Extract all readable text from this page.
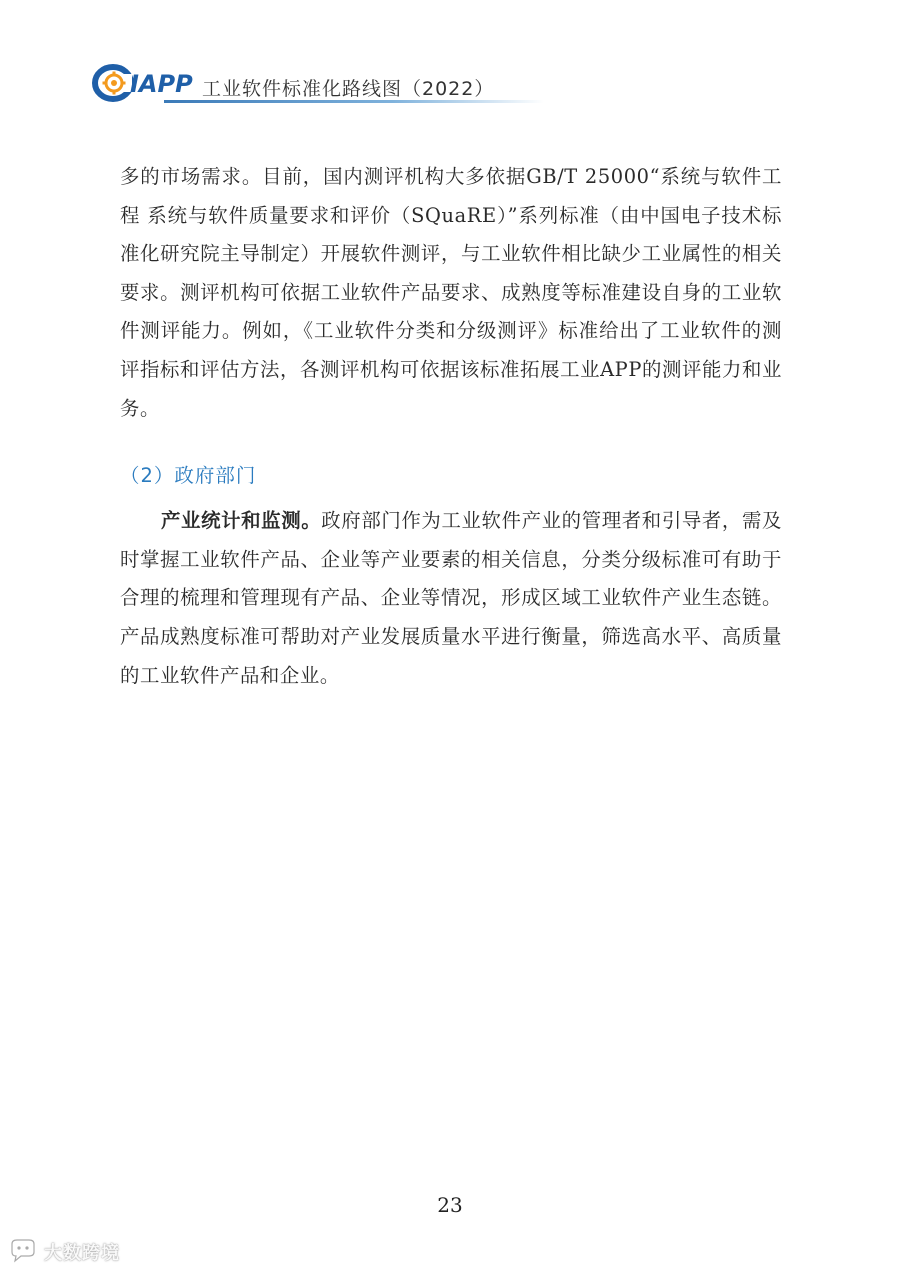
IAPP 工业软件标准化路线图（2022）

多的市场需求。目前，国内测评机构大多依据GB/T 25000“系统与软件工程 系统与软件质量要求和评价（SQuaRE）”系列标准（由中国电子技术标准化研究院主导制定）开展软件测评，与工业软件相比缺少工业属性的相关要求。测评机构可依据工业软件产品要求、成熟度等标准建设自身的工业软件测评能力。例如，《工业软件分类和分级测评》标准给出了工业软件的测评指标和评估方法，各测评机构可依据该标准拓展工业APP的测评能力和业务。

（2）政府部门

产业统计和监测。政府部门作为工业软件产业的管理者和引导者，需及时掌握工业软件产品、企业等产业要素的相关信息，分类分级标准可有助于合理的梳理和管理现有产品、企业等情况，形成区域工业软件产业生态链。产品成熟度标准可帮助对产业发展质量水平进行衡量，筛选高水平、高质量的工业软件产品和企业。

23
大数跨境
